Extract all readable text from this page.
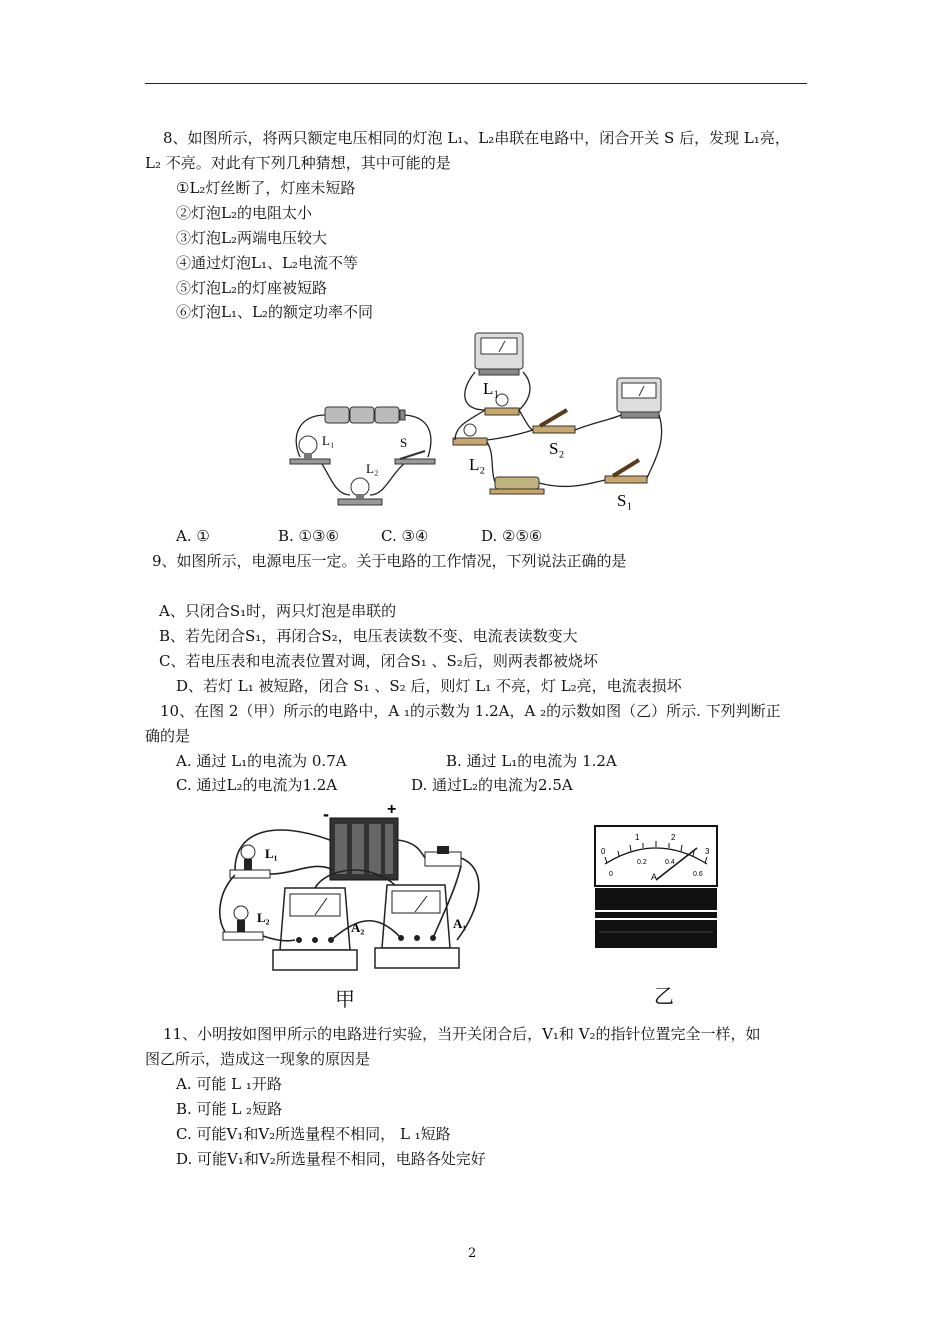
8、如图所示，将两只额定电压相同的灯泡 L₁、L₂串联在电路中，闭合开关 S 后，发现 L₁亮，
L₂ 不亮。对此有下列几种猜想，其中可能的是
①L₂灯丝断了，灯座未短路
②灯泡L₂的电阻太小
③灯泡L₂两端电压较大
④通过灯泡L₁、L₂电流不等
⑤灯泡L₂的灯座被短路
⑥灯泡L₁、L₂的额定功率不同
L₁	S
L₂
L₁
L₂
S₂
S₁
A. ①	B. ①③⑥	C. ③④	D. ②⑤⑥
9、如图所示，电源电压一定。关于电路的工作情况，下列说法正确的是
A、只闭合S₁时，两只灯泡是串联的
B、若先闭合S₁，再闭合S₂，电压表读数不变、电流表读数变大
C、若电压表和电流表位置对调，闭合S₁ 、S₂后，则两表都被烧坏
D、若灯 L₁ 被短路，闭合 S₁ 、S₂ 后，则灯 L₁ 不亮，灯 L₂亮，电流表损坏
10、在图 2（甲）所示的电路中，A ₁的示数为 1.2A，A ₂的示数如图（乙）所示. 下列判断正
确的是
A. 通过 L₁的电流为 0.7A	B. 通过 L₁的电流为 1.2A
C. 通过L₂的电流为1.2A	D. 通过L₂的电流为2.5A
-	+
L₁
L₂
A₂	A₁
甲
0
1	2
3
0
0.2	0.4
0.6
A
乙
11、小明按如图甲所示的电路进行实验，当开关闭合后，V₁和 V₂的指针位置完全一样，如
图乙所示，造成这一现象的原因是
A. 可能 L ₁开路
B. 可能 L ₂短路
C. 可能V₁和V₂所选量程不相同， L ₁短路
D. 可能V₁和V₂所选量程不相同，电路各处完好
2
